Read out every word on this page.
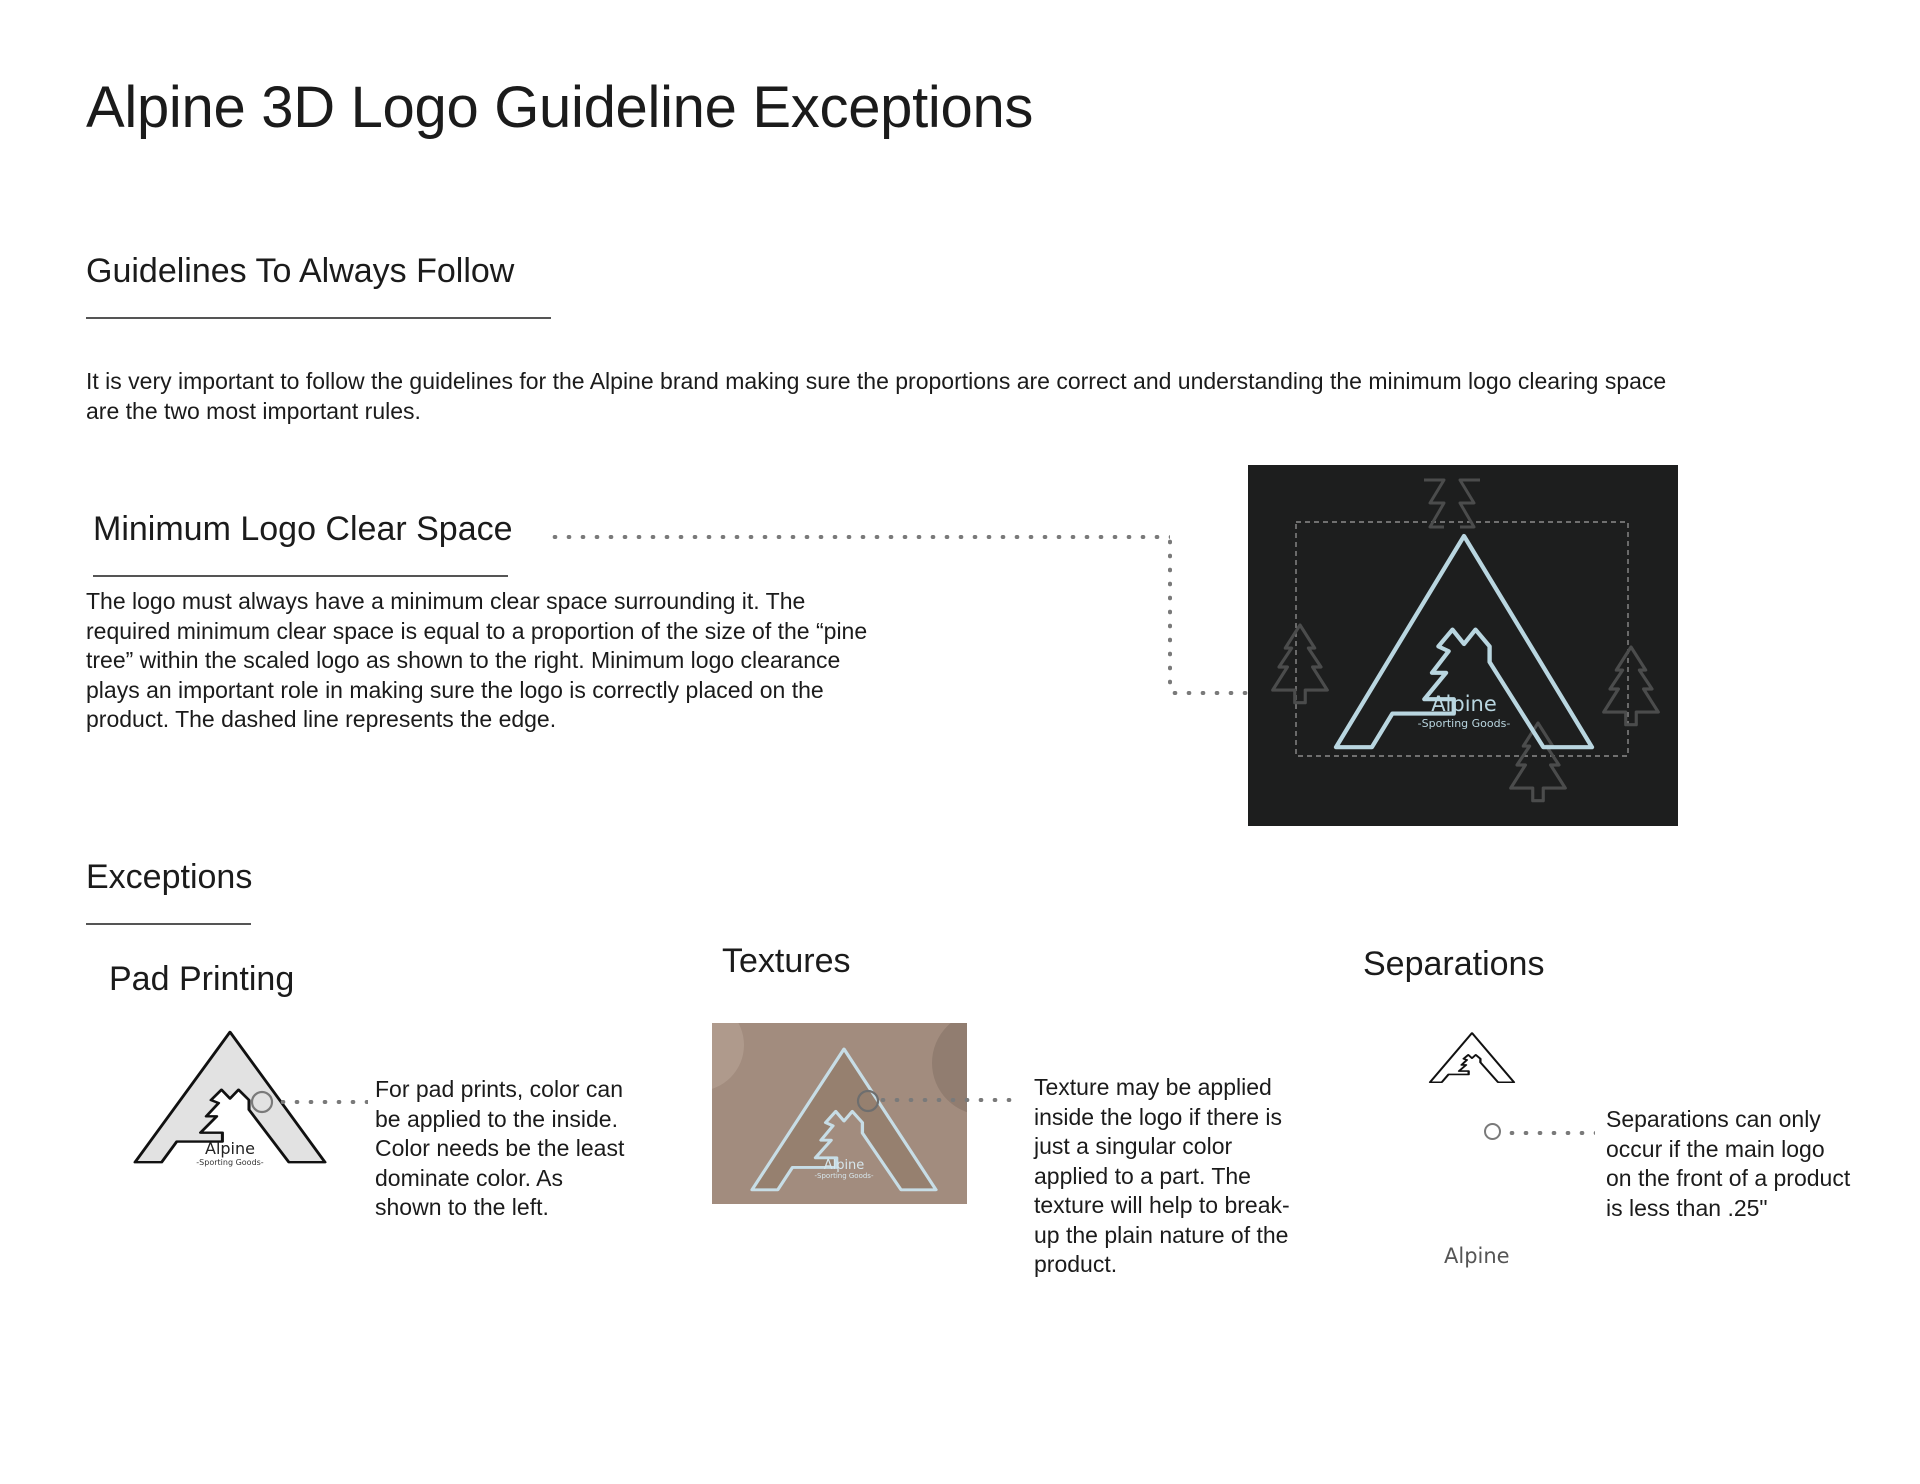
Alpine 3D Logo Guideline Exceptions
Guidelines To Always Follow

It is very important to follow the guidelines for the Alpine brand making sure the proportions are correct and understanding the minimum logo clearing space are the two most important rules.

Minimum Logo Clear Space

The logo must always have a minimum clear space surrounding it. The required minimum clear space is equal to a proportion of the size of the “pine tree” within the scaled logo as shown to the right. Minimum logo clearance plays an important role in making sure the logo is correctly placed on the product. The dashed line represents the edge.

Alpine
-Sporting Goods-
Exceptions
Pad Printing
Alpine
-Sporting Goods-

For pad prints, color can be applied to the inside. Color needs be the least dominate color. As shown to the left.

Textures
Alpine
-Sporting Goods-

Texture may be applied inside the logo if there is just a singular color applied to a part. The texture will help to break-up the plain nature of the product.

Separations

Separations can only occur if the main logo on the front of a product is less than .25"

Alpine
